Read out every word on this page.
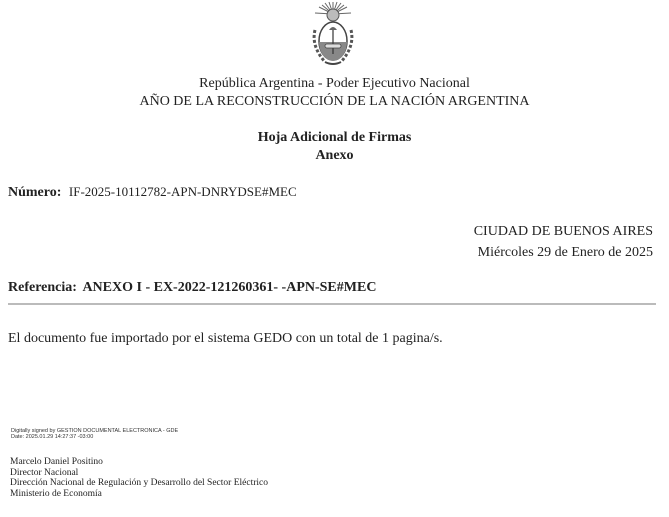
República Argentina - Poder Ejecutivo Nacional
AÑO DE LA RECONSTRUCCIÓN DE LA NACIÓN ARGENTINA
Hoja Adicional de Firmas
Anexo
Número: IF-2025-10112782-APN-DNRYDSE#MEC
CIUDAD DE BUENOS AIRES
Miércoles 29 de Enero de 2025
Referencia: ANEXO I - EX-2022-121260361- -APN-SE#MEC
El documento fue importado por el sistema GEDO con un total de 1 pagina/s.
Digitally signed by GESTION DOCUMENTAL ELECTRONICA - GDE
Date: 2025.01.29 14:27:37 -03:00
Marcelo Daniel Positino
Director Nacional
Dirección Nacional de Regulación y Desarrollo del Sector Eléctrico
Ministerio de Economía
